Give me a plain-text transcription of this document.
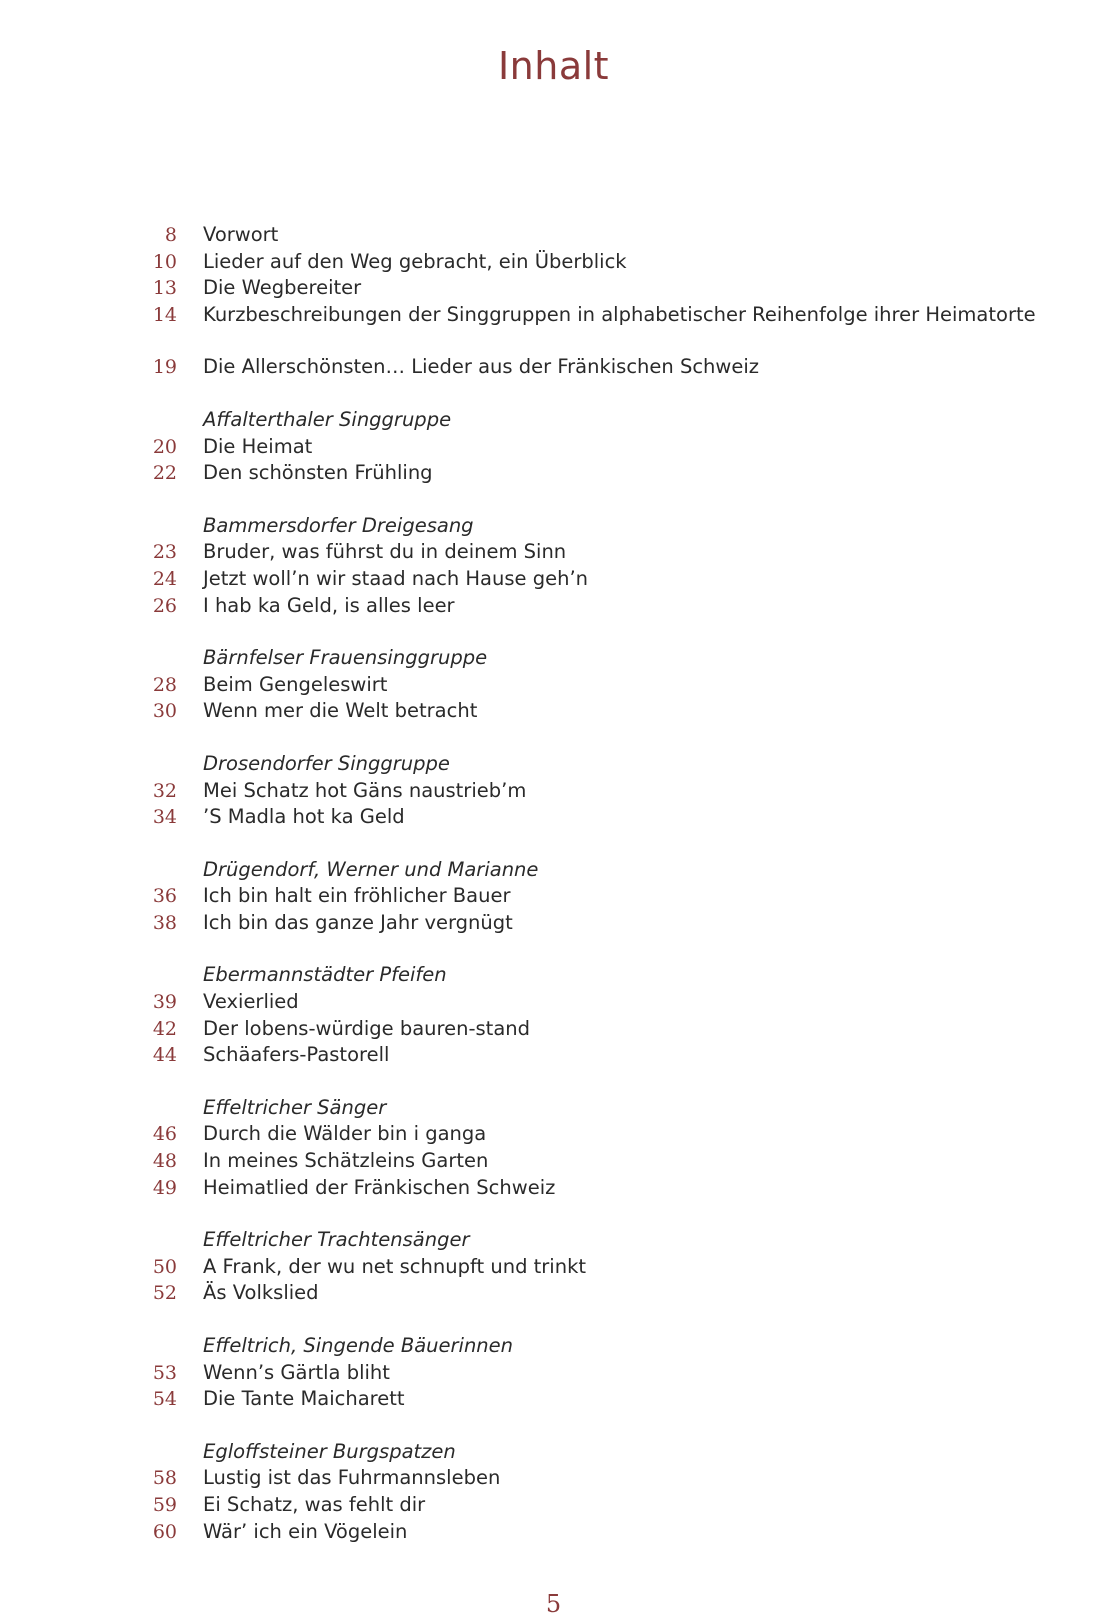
Inhalt
8	Vorwort
10	Lieder auf den Weg gebracht, ein Überblick
13	Die Wegbereiter
14	Kurzbeschreibungen der Singgruppen in alphabetischer Reihenfolge ihrer Heimatorte
19	Die Allerschönsten… Lieder aus der Fränkischen Schweiz
Affalterthaler Singgruppe
20	Die Heimat
22	Den schönsten Frühling
Bammersdorfer Dreigesang
23	Bruder, was führst du in deinem Sinn
24	Jetzt woll’n wir staad nach Hause geh’n
26	I hab ka Geld, is alles leer
Bärnfelser Frauensinggruppe
28	Beim Gengeleswirt
30	Wenn mer die Welt betracht
Drosendorfer Singgruppe
32	Mei Schatz hot Gäns naustrieb’m
34	’S Madla hot ka Geld
Drügendorf, Werner und Marianne
36	Ich bin halt ein fröhlicher Bauer
38	Ich bin das ganze Jahr vergnügt
Ebermannstädter Pfeifen
39	Vexierlied
42	Der lobens-würdige bauren-stand
44	Schäafers-Pastorell
Effeltricher Sänger
46	Durch die Wälder bin i ganga
48	In meines Schätzleins Garten
49	Heimatlied der Fränkischen Schweiz
Effeltricher Trachtensänger
50	A Frank, der wu net schnupft und trinkt
52	Äs Volkslied
Effeltrich, Singende Bäuerinnen
53	Wenn’s Gärtla bliht
54	Die Tante Maicharett
Egloffsteiner Burgspatzen
58	Lustig ist das Fuhrmannsleben
59	Ei Schatz, was fehlt dir
60	Wär’ ich ein Vögelein
5
